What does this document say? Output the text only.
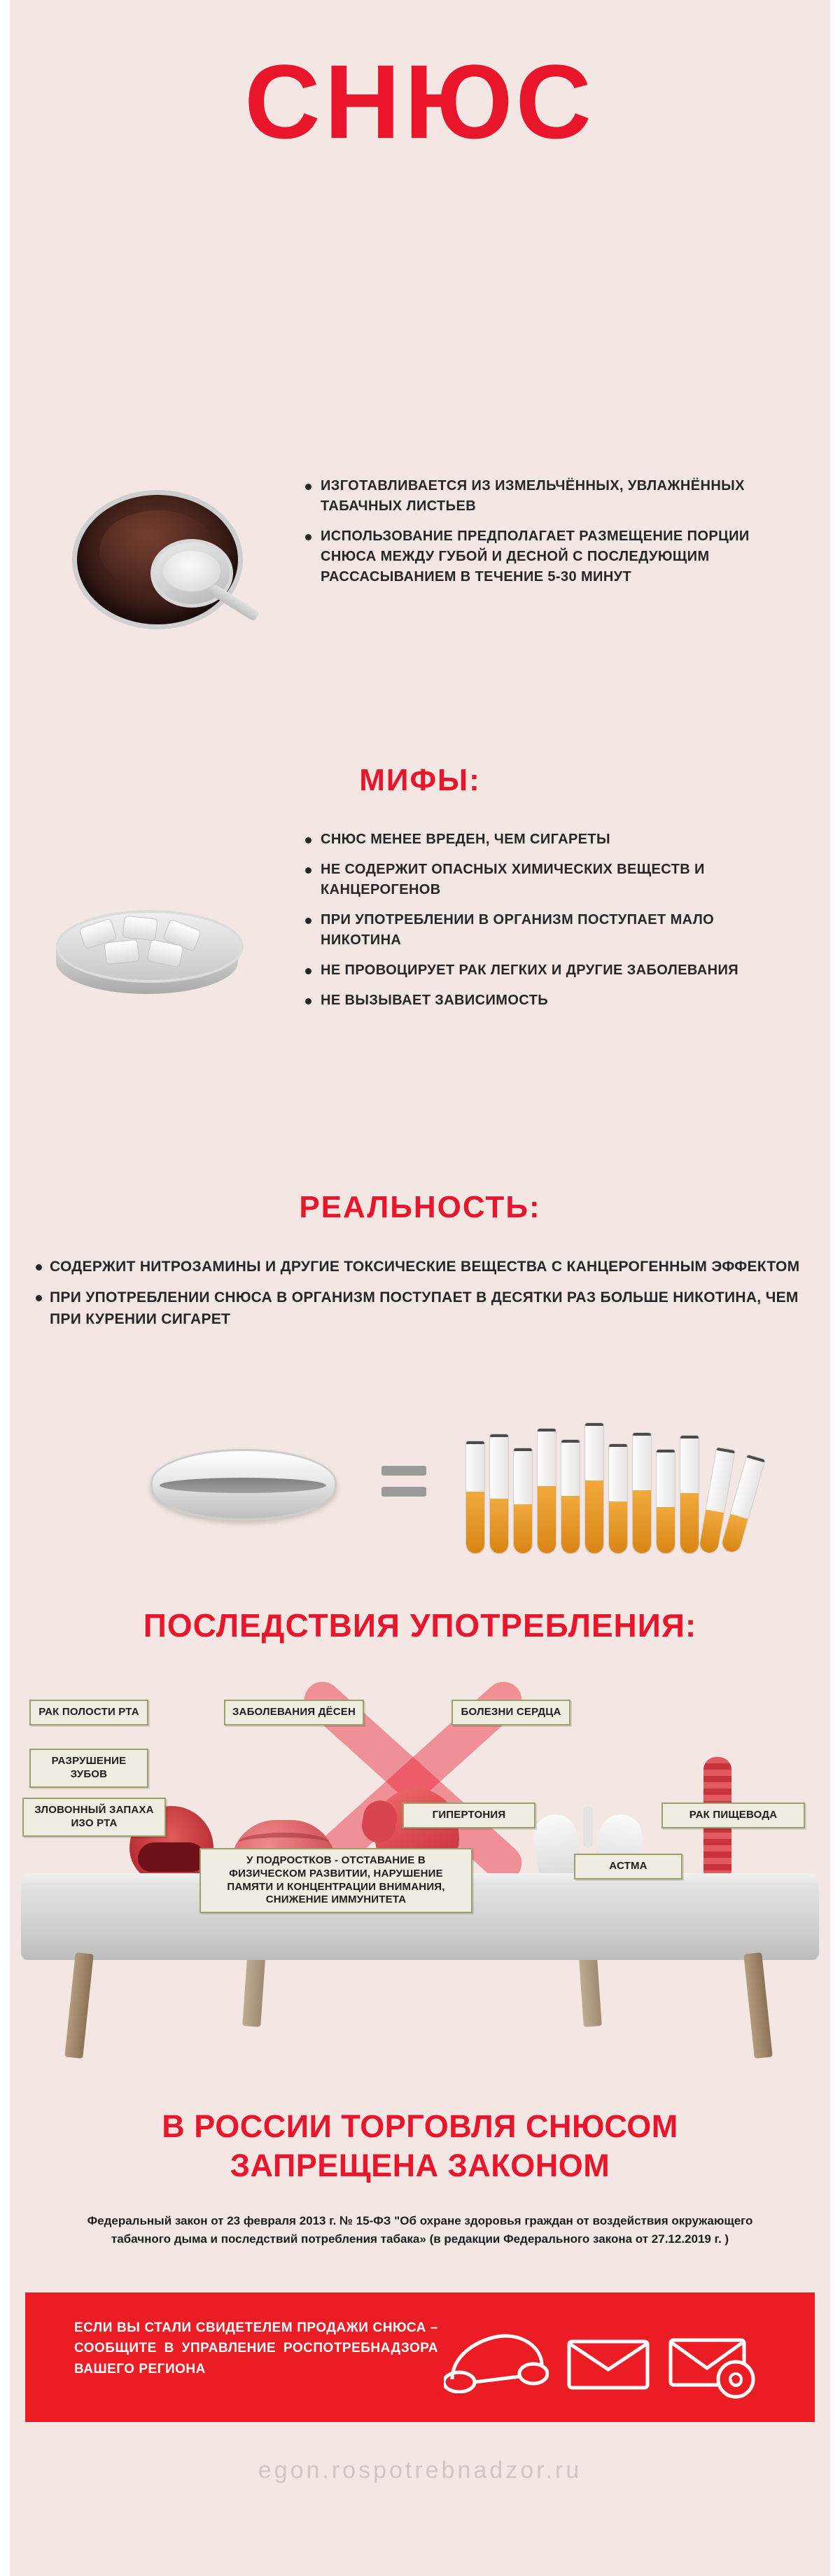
СНЮС
ИЗГОТАВЛИВАЕТСЯ ИЗ ИЗМЕЛЬЧЁННЫХ, УВЛАЖНЁННЫХ ТАБАЧНЫХ ЛИСТЬЕВ
ИСПОЛЬЗОВАНИЕ ПРЕДПОЛАГАЕТ РАЗМЕЩЕНИЕ ПОРЦИИ СНЮСА МЕЖДУ ГУБОЙ И ДЕСНОЙ С ПОСЛЕДУЮЩИМ РАССАСЫВАНИЕМ В ТЕЧЕНИЕ 5-30 МИНУТ
МИФЫ:
СНЮС МЕНЕЕ ВРЕДЕН, ЧЕМ СИГАРЕТЫ
НЕ СОДЕРЖИТ ОПАСНЫХ ХИМИЧЕСКИХ ВЕЩЕСТВ И КАНЦЕРОГЕНОВ
ПРИ УПОТРЕБЛЕНИИ В ОРГАНИЗМ ПОСТУПАЕТ МАЛО НИКОТИНА
НЕ ПРОВОЦИРУЕТ РАК ЛЕГКИХ И ДРУГИЕ ЗАБОЛЕВАНИЯ
НЕ ВЫЗЫВАЕТ ЗАВИСИМОСТЬ
РЕАЛЬНОСТЬ:
СОДЕРЖИТ НИТРОЗАМИНЫ И ДРУГИЕ ТОКСИЧЕСКИЕ ВЕЩЕСТВА С КАНЦЕРОГЕННЫМ ЭФФЕКТОМ
ПРИ УПОТРЕБЛЕНИИ СНЮСА В ОРГАНИЗМ ПОСТУПАЕТ В ДЕСЯТКИ РАЗ БОЛЬШЕ НИКОТИНА, ЧЕМ ПРИ КУРЕНИИ СИГАРЕТ
ПОСЛЕДСТВИЯ УПОТРЕБЛЕНИЯ:
РАК ПОЛОСТИ РТА
РАЗРУШЕНИЕ ЗУБОВ
ЗЛОВОННЫЙ ЗАПАХА ИЗО РТА
ЗАБОЛЕВАНИЯ ДЁСЕН	БОЛЕЗНИ СЕРДЦА
ГИПЕРТОНИЯ	РАК ПИЩЕВОДА
АСТМА
У ПОДРОСТКОВ - ОТСТАВАНИЕ В ФИЗИЧЕСКОМ РАЗВИТИИ, НАРУШЕНИЕ ПАМЯТИ И КОНЦЕНТРАЦИИ ВНИМАНИЯ, СНИЖЕНИЕ ИММУНИТЕТА
В РОССИИ ТОРГОВЛЯ СНЮСОМ
ЗАПРЕЩЕНА ЗАКОНОМ
Федеральный закон от 23 февраля 2013 г. № 15-ФЗ "Об охране здоровья граждан от воздействия окружающего табачного дыма и последствий потребления табака» (в редакции Федерального закона от 27.12.2019 г. )
ЕСЛИ ВЫ СТАЛИ СВИДЕТЕЛЕМ ПРОДАЖИ СНЮСА – СООБЩИТЕ В УПРАВЛЕНИЕ РОСПОТРЕБНАДЗОРА ВАШЕГО РЕГИОНА
egon.rospotrebnadzor.ru
